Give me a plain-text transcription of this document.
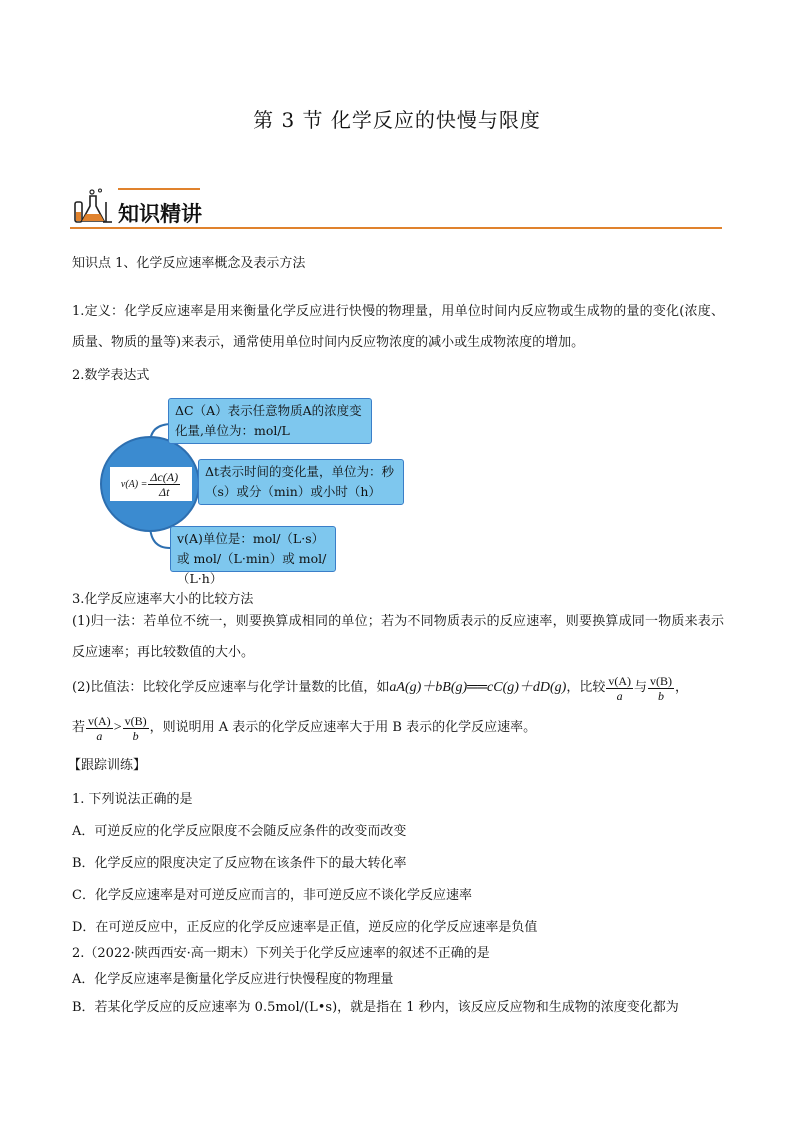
第 3 节 化学反应的快慢与限度
知识精讲
知识点 1、化学反应速率概念及表示方法
1.定义：化学反应速率是用来衡量化学反应进行快慢的物理量，用单位时间内反应物或生成物的量的变化(浓度、质量、物质的量等)来表示，通常使用单位时间内反应物浓度的减小或生成物浓度的增加。
2.数学表达式
$v(A) = \frac{\Delta c(A)}{\Delta t}$
ΔC（A）表示任意物质A的浓度变化量,单位为：mol/L
Δt表示时间的变化量，单位为：秒（s）或分（min）或小时（h）
v(A)单位是：mol/（L·s） 或 mol/（L·min）或 mol/（L·h）
3.化学反应速率大小的比较方法
(1)归一法：若单位不统一，则要换算成相同的单位；若为不同物质表示的反应速率，则要换算成同一物质来表示反应速率；再比较数值的大小。
(2)比值法：比较化学反应速率与化学计量数的比值，如 aA(g)＋bB(g)══cC(g)＋dD(g) ，比较 $\frac{v(A)}{a}$ 与 $\frac{v(B)}{b}$ ，
若 $\frac{v(A)}{a} > \frac{v(B)}{b}$ ，则说明用 A 表示的化学反应速率大于用 B 表示的化学反应速率。
【跟踪训练】
1. 下列说法正确的是
A．可逆反应的化学反应限度不会随反应条件的改变而改变
B．化学反应的限度决定了反应物在该条件下的最大转化率
C．化学反应速率是对可逆反应而言的，非可逆反应不谈化学反应速率
D．在可逆反应中，正反应的化学反应速率是正值，逆反应的化学反应速率是负值
2.（2022·陕西西安·高一期末）下列关于化学反应速率的叙述不正确的是
A．化学反应速率是衡量化学反应进行快慢程度的物理量
B．若某化学反应的反应速率为 0.5mol/(L•s)，就是指在 1 秒内，该反应反应物和生成物的浓度变化都为
